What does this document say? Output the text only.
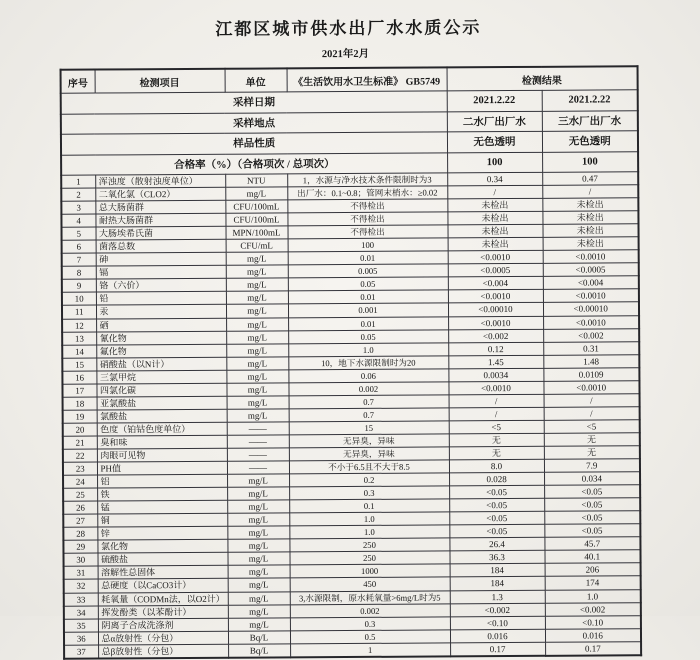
江都区城市供水出厂水水质公示
2021年2月
采样日期				2021.2.22	2021.2.22
采样地点				二水厂出厂水	三水厂出厂水
样品性质				无色透明	无色透明
合格率（%）（合格项次 / 总项次）				100	100
序号	检测项目	单位	《生活饮用水卫生标准》 GB5749	检测结果	
1	浑浊度（散射浊度单位）	NTU	1，水源与净水技术条件限制时为3	0.34	0.47
2	二氧化氯（CLO2）	mg/L	出厂水：0.1~0.8；管网末梢水：≥0.02	/	/
3	总大肠菌群	CFU/100mL	不得检出	未检出	未检出
4	耐热大肠菌群	CFU/100mL	不得检出	未检出	未检出
5	大肠埃希氏菌	MPN/100mL	不得检出	未检出	未检出
6	菌落总数	CFU/mL	100	未检出	未检出
7	砷	mg/L	0.01	<0.0010	<0.0010
8	镉	mg/L	0.005	<0.0005	<0.0005
9	铬（六价）	mg/L	0.05	<0.004	<0.004
10	铅	mg/L	0.01	<0.0010	<0.0010
11	汞	mg/L	0.001	<0.00010	<0.00010
12	硒	mg/L	0.01	<0.0010	<0.0010
13	氰化物	mg/L	0.05	<0.002	<0.002
14	氟化物	mg/L	1.0	0.12	0.31
15	硝酸盐（以N计）	mg/L	10，地下水源限制时为20	1.45	1.48
16	三氯甲烷	mg/L	0.06	0.0034	0.0109
17	四氯化碳	mg/L	0.002	<0.0010	<0.0010
18	亚氯酸盐	mg/L	0.7	/	/
19	氯酸盐	mg/L	0.7	/	/
20	色度（铂钴色度单位）	——	15	<5	<5
21	臭和味	——	无异臭，异味	无	无
22	肉眼可见物	——	无异臭，异味	无	无
23	PH值	——	不小于6.5且不大于8.5	8.0	7.9
24	铝	mg/L	0.2	0.028	0.034
25	铁	mg/L	0.3	<0.05	<0.05
26	锰	mg/L	0.1	<0.05	<0.05
27	铜	mg/L	1.0	<0.05	<0.05
28	锌	mg/L	1.0	<0.05	<0.05
29	氯化物	mg/L	250	26.4	45.7
30	硫酸盐	mg/L	250	36.3	40.1
31	溶解性总固体	mg/L	1000	184	206
32	总硬度（以CaCO3计）	mg/L	450	184	174
33	耗氧量（CODMn法，以O2计）	mg/L	3,水源限制，原水耗氧量>6mg/L时为5	1.3	1.0
34	挥发酚类（以苯酚计）	mg/L	0.002	<0.002	<0.002
35	阴离子合成洗涤剂	mg/L	0.3	<0.10	<0.10
36	总α放射性（分包）	Bq/L	0.5	0.016	0.016
37	总β放射性（分包）	Bq/L	1	0.17	0.17
